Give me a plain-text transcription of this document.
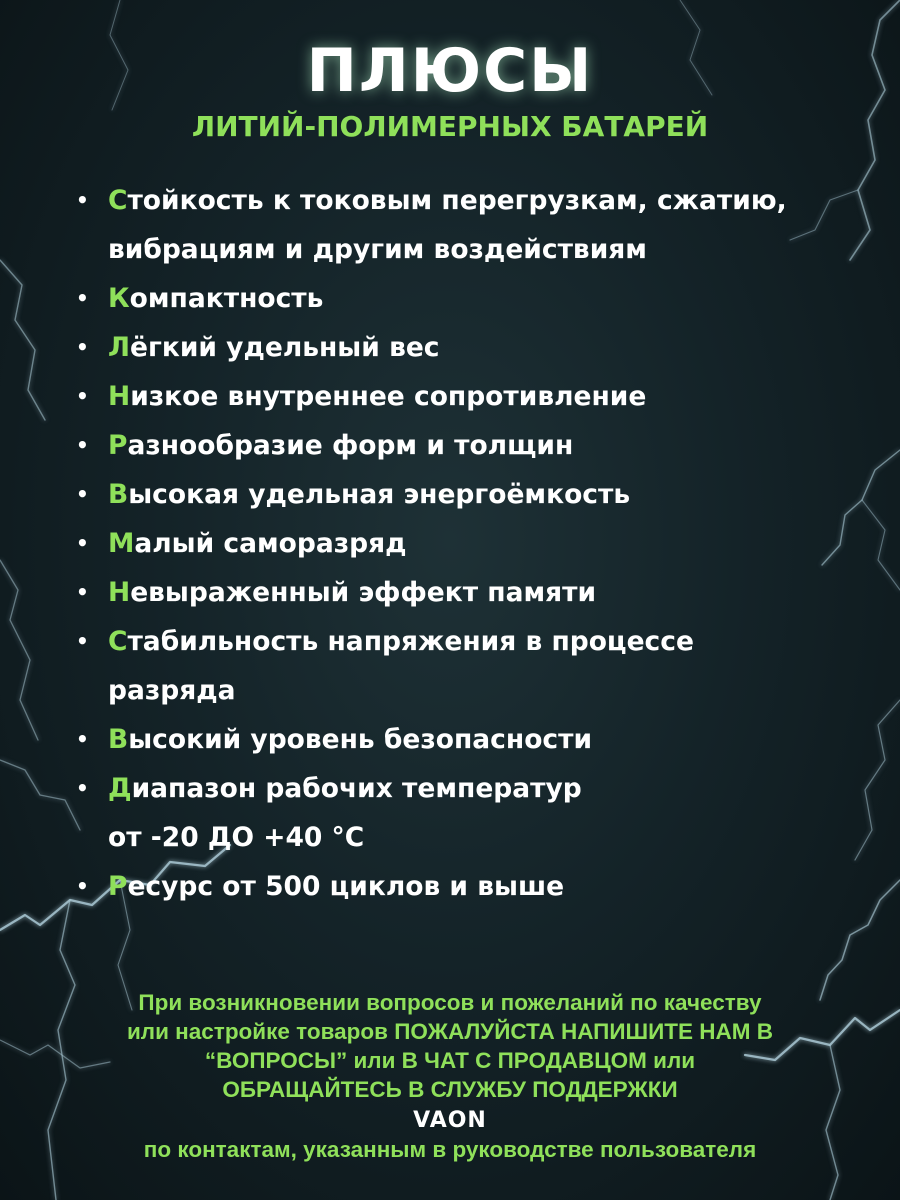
ПЛЮСЫ
ЛИТИЙ-ПОЛИМЕРНЫХ БАТАРЕЙ
• Стойкость к токовым перегрузкам, сжатию,
вибрациям и другим воздействиям
• Компактность
• Лёгкий удельный вес
• Низкое внутреннее сопротивление
• Разнообразие форм и толщин
• Высокая удельная энергоёмкость
• Малый саморазряд
• Невыраженный эффект памяти
• Стабильность напряжения в процессе
разряда
• Высокий уровень безопасности
• Диапазон рабочих температур
от -20 ДО +40 °С
• Ресурс от 500 циклов и выше
При возникновении вопросов и пожеланий по качеству
или настройке товаров ПОЖАЛУЙСТА НАПИШИТЕ НАМ В
“ВОПРОСЫ” или В ЧАТ С ПРОДАВЦОМ или
ОБРАЩАЙТЕСЬ В СЛУЖБУ ПОДДЕРЖКИ
VAON
по контактам, указанным в руководстве пользователя
